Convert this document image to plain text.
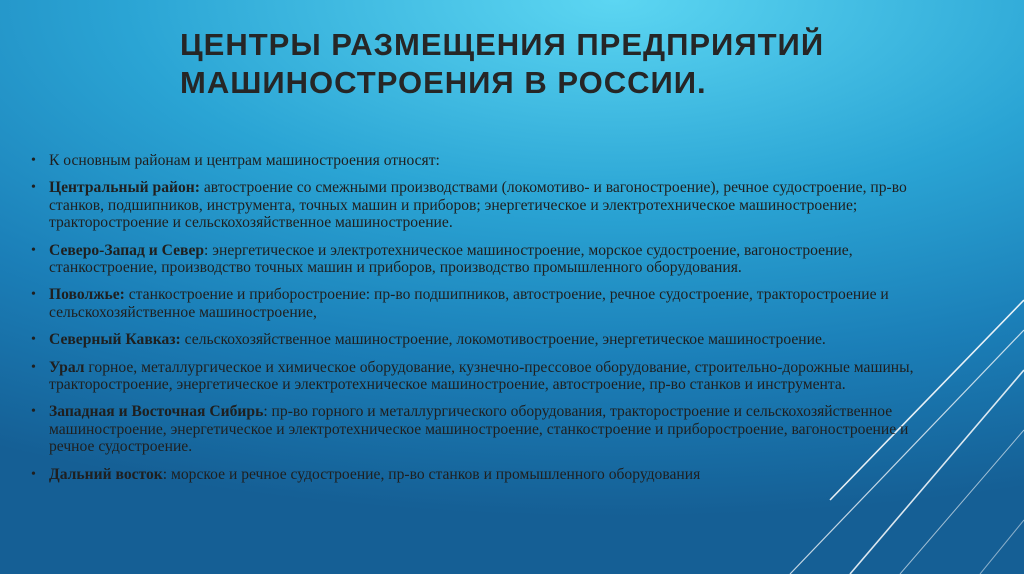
ЦЕНТРЫ РАЗМЕЩЕНИЯ ПРЕДПРИЯТИЙ
МАШИНОСТРОЕНИЯ В РОССИИ.
• К основным районам и центрам машиностроения относят:
• Центральный район: автостроение со смежными производствами (локомотиво- и вагоностроение), речное судостроение, пр-во станков, подшипников, инструмента, точных машин и приборов; энергетическое и электротехническое машиностроение; тракторостроение и сельскохозяйственное машиностроение.
• Северо-Запад и Север: энергетическое и электротехническое машиностроение, морское судостроение, вагоностроение, станкостроение, производство точных машин и приборов, производство промышленного оборудования.
• Поволжье: станкостроение и приборостроение: пр-во подшипников, автостроение, речное судостроение, тракторостроение и сельскохозяйственное машиностроение,
• Северный Кавказ: сельскохозяйственное машиностроение, локомотивостроение, энергетическое машиностроение.
• Урал горное, металлургическое и химическое оборудование, кузнечно-прессовое оборудование, строительно-дорожные машины, тракторостроение, энергетическое и электротехническое машиностроение, автостроение, пр-во станков и инструмента.
• Западная и Восточная Сибирь: пр-во горного и металлургического оборудования, тракторостроение и сельскохозяйственное машиностроение, энергетическое и электротехническое машиностроение, станкостроение и приборостроение, вагоностроение и речное судостроение.
• Дальний восток: морское и речное судостроение, пр-во станков и промышленного оборудования
